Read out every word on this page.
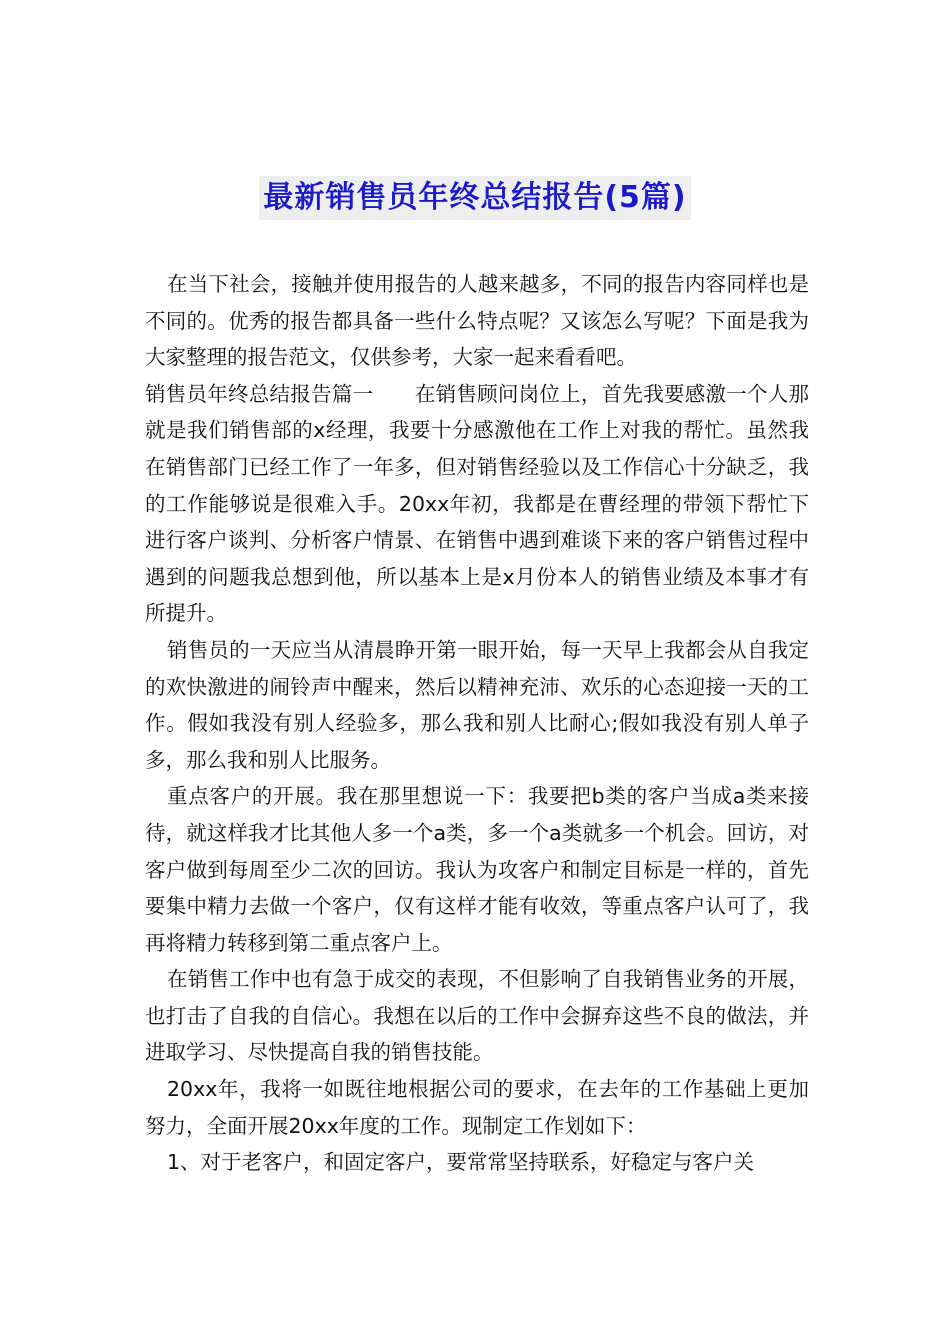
最新销售员年终总结报告(5篇)

在当下社会，接触并使用报告的人越来越多，不同的报告内容同样也是不同的。优秀的报告都具备一些什么特点呢？又该怎么写呢？下面是我为大家整理的报告范文，仅供参考，大家一起来看看吧。

销售员年终总结报告篇一　　在销售顾问岗位上，首先我要感激一个人那就是我们销售部的x经理，我要十分感激他在工作上对我的帮忙。虽然我在销售部门已经工作了一年多，但对销售经验以及工作信心十分缺乏，我的工作能够说是很难入手。20xx年初，我都是在曹经理的带领下帮忙下进行客户谈判、分析客户情景、在销售中遇到难谈下来的客户销售过程中遇到的问题我总想到他，所以基本上是x月份本人的销售业绩及本事才有所提升。

销售员的一天应当从清晨睁开第一眼开始，每一天早上我都会从自我定的欢快激进的闹铃声中醒来，然后以精神充沛、欢乐的心态迎接一天的工作。假如我没有别人经验多，那么我和别人比耐心;假如我没有别人单子多，那么我和别人比服务。

重点客户的开展。我在那里想说一下：我要把b类的客户当成a类来接待，就这样我才比其他人多一个a类，多一个a类就多一个机会。回访，对客户做到每周至少二次的回访。我认为攻客户和制定目标是一样的，首先要集中精力去做一个客户，仅有这样才能有收效，等重点客户认可了，我再将精力转移到第二重点客户上。

在销售工作中也有急于成交的表现，不但影响了自我销售业务的开展，也打击了自我的自信心。我想在以后的工作中会摒弃这些不良的做法，并进取学习、尽快提高自我的销售技能。

20xx年，我将一如既往地根据公司的要求，在去年的工作基础上更加努力，全面开展20xx年度的工作。现制定工作划如下：

1、对于老客户，和固定客户，要常常坚持联系，好稳定与客户关
